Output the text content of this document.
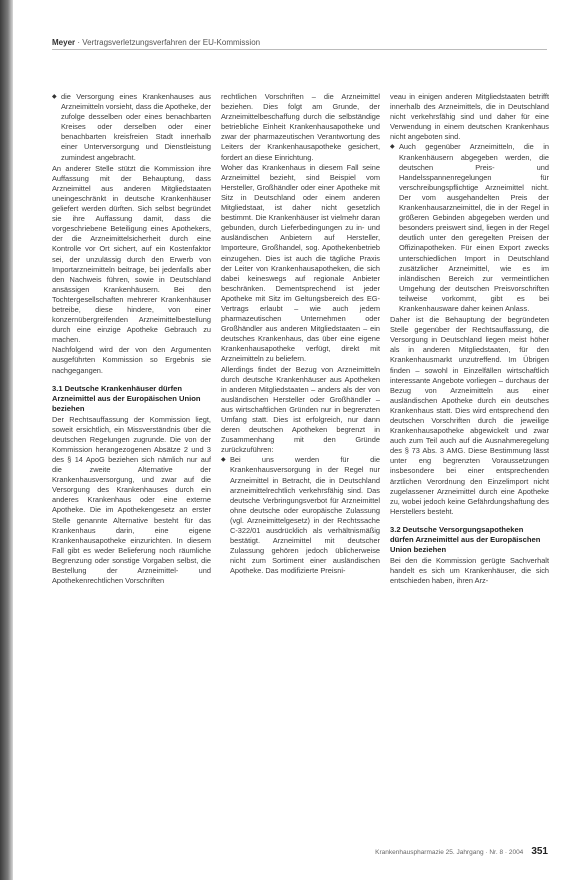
Meyer · Vertragsverletzungsverfahren der EU-Kommission

◆ die Versorgung eines Krankenhauses aus Arzneimitteln vorsieht, dass die Apotheke, der zufolge desselben oder eines benachbarten Kreises oder derselben oder einer benachbarten kreisfreien Stadt innerhalb einer Unterversorgung und Dienstleistung zumindest angebracht.

An anderer Stelle stützt die Kommission ihre Auffassung mit der Behauptung, dass Arzneimittel aus anderen Mitgliedstaaten uneingeschränkt in deutsche Krankenhäuser geliefert werden dürften. Sich selbst begründet sie ihre Auffassung damit, dass die vorgeschriebene Beteiligung eines Apothekers, der die Arzneimittelsicherheit durch eine Kontrolle vor Ort sichert, auf ein Kostenfaktor sei, der unzulässig durch den Erwerb von Importarzneimitteln beitrage, bei jedenfalls aber den Nachweis führen, sowie in Deutschland ansässigen Krankenhäusern. Bei den Tochtergesellschaften mehrerer Krankenhäuser betreibe, diese hindere, von einer konzernübergreifenden Arzneimittelbestellung durch eine einzige Apotheke Gebrauch zu machen.

Nachfolgend wird der von den Argumenten ausgeführten Kommission so Ergebnis sie nachgegangen.

3.1 Deutsche Krankenhäuser dürfen Arzneimittel aus der Europäischen Union beziehen

Der Rechtsauffassung der Kommission liegt, soweit ersichtlich, ein Missverständnis über die deutschen Regelungen zugrunde. Die von der Kommission herangezogenen Absätze 2 und 3 des § 14 ApoG beziehen sich nämlich nur auf die zweite Alternative der Krankenhausversorgung, und zwar auf die Versorgung des Krankenhauses durch ein anderes Krankenhaus oder eine externe Apotheke. Die im Apothekengesetz an erster Stelle genannte Alternative besteht für das Krankenhaus darin, eine eigene Krankenhausapotheke einzurichten. In diesem Fall gibt es weder Belieferung noch räumliche Begrenzung oder sonstige Vorgaben selbst, die Bestellung der Arzneimittel- und Apothekenrechtlichen Vorschriften

rechtlichen Vorschriften – die Arzneimittel beziehen. Dies folgt am Grunde, der Arzneimittelbeschaffung durch die selbständige betriebliche Einheit Krankenhausapotheke und zwar der pharmazeutischen Verantwortung des Leiters der Krankenhausapotheke gesichert, fordert an diese Einrichtung.

Woher das Krankenhaus in diesem Fall seine Arzneimittel bezieht, sind Beispiel vom Hersteller, Großhändler oder einer Apotheke mit Sitz in Deutschland oder einem anderen Mitgliedstaat, ist daher nicht gesetzlich bestimmt. Die Krankenhäuser ist vielmehr daran gebunden, durch Lieferbedingungen zu in- und ausländischen Anbietern auf Hersteller, Importeure, Großhandel, sog. Apothekenbetrieb einzugehen. Dies ist auch die tägliche Praxis der Leiter von Krankenhausapotheken, die sich dabei keineswegs auf regionale Anbieter beschränken. Dementsprechend ist jeder Apotheke mit Sitz im Geltungsbereich des EG-Vertrags erlaubt – wie auch jedem pharmazeutischen Unternehmen oder Großhändler aus anderen Mitgliedstaaten – ein deutsches Krankenhaus, das über eine eigene Krankenhausapotheke verfügt, direkt mit Arzneimitteln zu beliefern.

Allerdings findet der Bezug von Arzneimitteln durch deutsche Krankenhäuser aus Apotheken in anderen Mitgliedstaaten – anders als der von ausländischen Hersteller oder Großhändler – aus wirtschaftlichen Gründen nur in begrenzten Umfang statt. Dies ist erfolgreich, nur dann deren deutschen Apotheken begrenzt in Zusammenhang mit den Gründe zurückzuführen:

◆ Bei uns werden für die Krankenhausversorgung in der Regel nur Arzneimittel in Betracht, die in Deutschland arzneimittelrechtlich verkehrsfähig sind. Das deutsche Verbringungsverbot für Arzneimittel ohne deutsche oder europäische Zulassung (vgl. Arzneimittelgesetz) in der Rechtssache C-322/01 ausdrücklich als verhältnismäßig bestätigt. Arzneimittel mit deutscher Zulassung gehören jedoch üblicherweise nicht zum Sortiment einer ausländischen Apotheke. Das modifizierte Preisni-

veau in einigen anderen Mitgliedstaaten betrifft innerhalb des Arzneimittels, die in Deutschland nicht verkehrsfähig sind und daher für eine Verwendung in einem deutschen Krankenhaus nicht angeboten sind.

◆ Auch gegenüber Arzneimitteln, die in Krankenhäusern abgegeben werden, die deutschen Preis- und Handelsspannenregelungen für verschreibungspflichtige Arzneimittel nicht. Der vom ausgehandelten Preis der Krankenhausarzneimittel, die in der Regel in größeren Gebinden abgegeben werden und besonders preiswert sind, liegen in der Regel deutlich unter den geregelten Preisen der Offizinapotheken. Für einen Export zwecks unterschiedlichen Import in Deutschland zusätzlicher Arzneimittel, wie es im inländischen Bereich zur vermeintlichen Umgehung der deutschen Preisvorschriften teilweise vorkommt, gibt es bei Krankenhausware daher keinen Anlass.

Daher ist die Behauptung der begründeten Stelle gegenüber der Rechtsauffassung, die Versorgung in Deutschland liegen meist höher als in anderen Mitgliedstaaten, für den Krankenhausmarkt unzutreffend. Im Übrigen finden – sowohl in Einzelfällen wirtschaftlich interessante Angebote vorliegen – durchaus der Bezug von Arzneimitteln aus einer ausländischen Apotheke durch ein deutsches Krankenhaus statt. Dies wird entsprechend den deutschen Vorschriften durch die jeweilige Krankenhausapotheke abgewickelt und zwar auch zum Teil auch auf die Ausnahmeregelung des § 73 Abs. 3 AMG. Diese Bestimmung lässt unter eng begrenzten Voraussetzungen insbesondere bei einer entsprechenden ärztlichen Verordnung den Einzelimport nicht zugelassener Arzneimittel durch eine Apotheke zu, wobei jedoch keine Gefährdungshaftung des Herstellers besteht.

3.2 Deutsche Versorgungsapotheken dürfen Arzneimittel aus der Europäischen Union beziehen

Bei den die Kommission gerügte Sachverhalt handelt es sich um Krankenhäuser, die sich entschieden haben, ihren Arz-

Krankenhauspharmazie 25. Jahrgang · Nr. 8 · 2004 351
